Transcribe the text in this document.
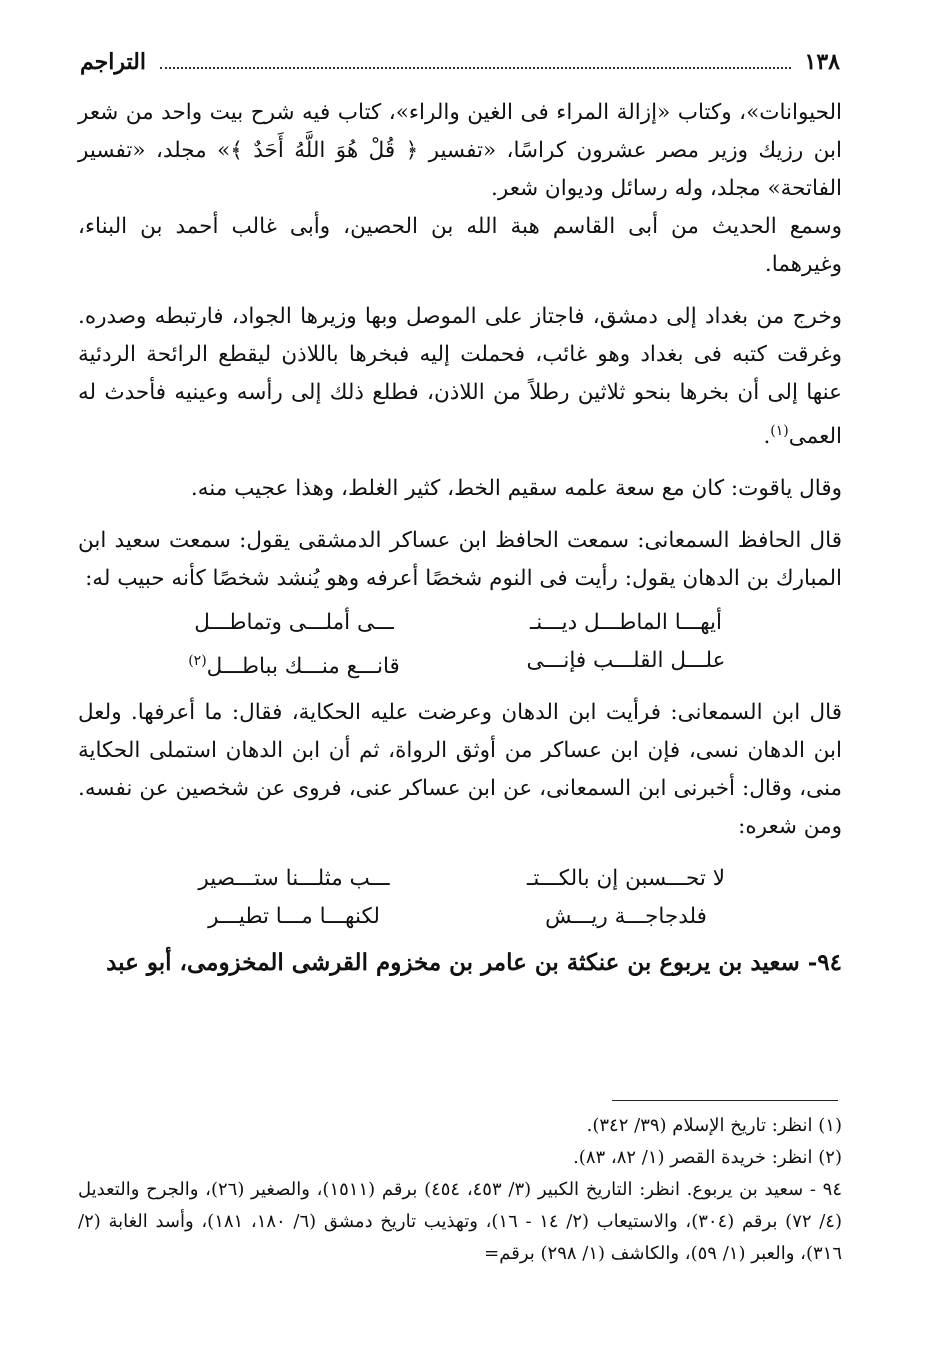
١٣٨
التراجم

الحيوانات»، وكتاب «إزالة المراء فى الغين والراء»، كتاب فيه شرح بيت واحد من شعر ابن رزيك وزير مصر عشرون كراسًا، «تفسير ﴿ قُلْ هُوَ اللَّهُ أَحَدٌ ﴾» مجلد، «تفسير الفاتحة» مجلد، وله رسائل وديوان شعر.

وسمع الحديث من أبى القاسم هبة الله بن الحصين، وأبى غالب أحمد بن البناء، وغيرهما.

وخرج من بغداد إلى دمشق، فاجتاز على الموصل وبها وزيرها الجواد، فارتبطه وصدره. وغرقت كتبه فى بغداد وهو غائب، فحملت إليه فبخرها باللاذن ليقطع الرائحة الردئية عنها إلى أن بخرها بنحو ثلاثين رطلاً من اللاذن، فطلع ذلك إلى رأسه وعينيه فأحدث له العمى$^{(١)}$.

وقال ياقوت: كان مع سعة علمه سقيم الخط، كثير الغلط، وهذا عجيب منه.

قال الحافظ السمعانى: سمعت الحافظ ابن عساكر الدمشقى يقول: سمعت سعيد ابن المبارك بن الدهان يقول: رأيت فى النوم شخصًا أعرفه وهو يُنشد شخصًا كأنه حبيب له:

أيهـــا الماطـــل ديـــنـ
ـــى أملـــى وتماطـــل
علـــل القلـــب فإنـــى
قانـــع منـــك بباطـــل$^{(٢)}$

قال ابن السمعانى: فرأيت ابن الدهان وعرضت عليه الحكاية، فقال: ما أعرفها. ولعل ابن الدهان نسى، فإن ابن عساكر من أوثق الرواة، ثم أن ابن الدهان استملى الحكاية منى، وقال: أخبرنى ابن السمعانى، عن ابن عساكر عنى، فروى عن شخصين عن نفسه. ومن شعره:

لا تحـــسبن إن بالكـــتـ
ـــب مثلـــنا ستـــصير
فلدجاجـــة ريـــش
لكنهـــا مـــا تطيـــر

٩٤- سعيد بن يربوع بن عنكثة بن عامر بن مخزوم القرشى المخزومى، أبو عبد

(١) انظر: تاريخ الإسلام (٣٩/ ٣٤٢).

(٢) انظر: خريدة القصر (١/ ٨٢، ٨٣).

٩٤ - سعيد بن يربوع. انظر: التاريخ الكبير (٣/ ٤٥٣، ٤٥٤) برقم (١٥١١)، والصغير (٢٦)، والجرح والتعديل (٤/ ٧٢) برقم (٣٠٤)، والاستيعاب (٢/ ١٤ - ١٦)، وتهذيب تاريخ دمشق (٦/ ١٨٠، ١٨١)، وأسد الغابة (٢/ ٣١٦)، والعبر (١/ ٥٩)، والكاشف (١/ ٢٩٨) برقم=
